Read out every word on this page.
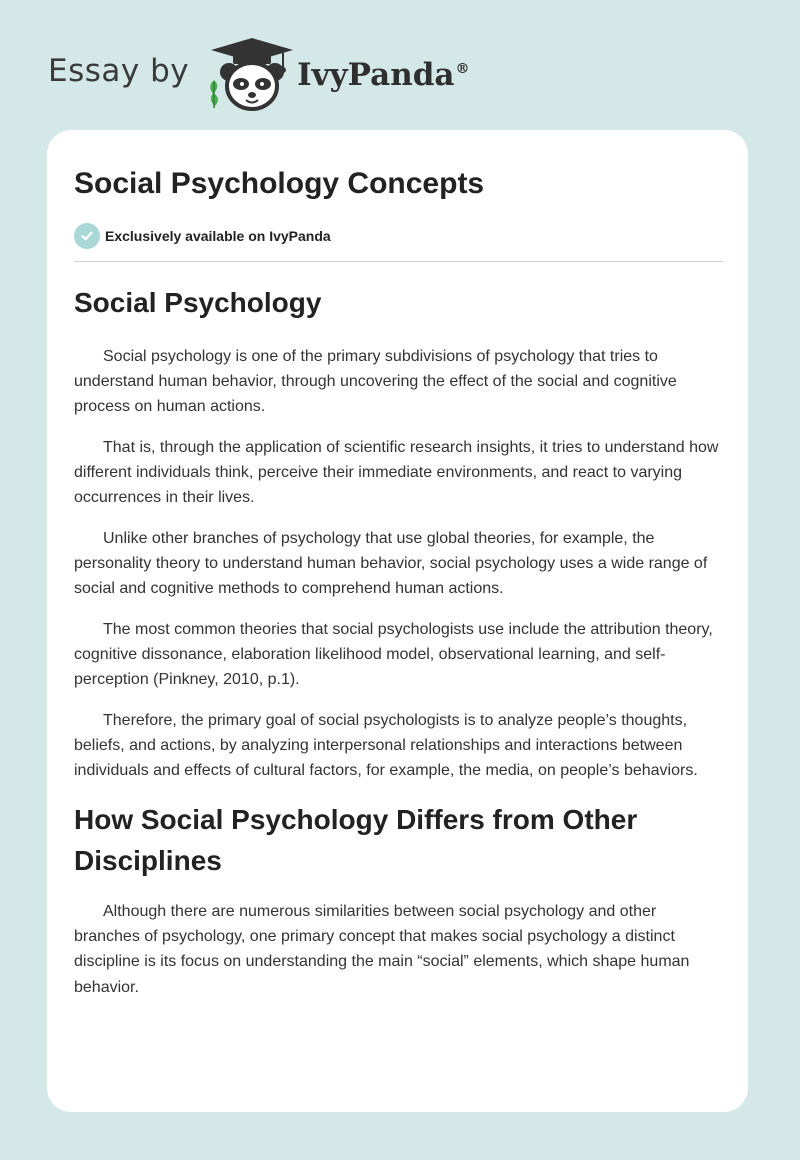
Essay by	IvyPanda®
Social Psychology Concepts
Exclusively available on IvyPanda
Social Psychology

Social psychology is one of the primary subdivisions of psychology that tries to understand human behavior, through uncovering the effect of the social and cognitive process on human actions.

That is, through the application of scientific research insights, it tries to understand how different individuals think, perceive their immediate environments, and react to varying occurrences in their lives.

Unlike other branches of psychology that use global theories, for example, the personality theory to understand human behavior, social psychology uses a wide range of social and cognitive methods to comprehend human actions.

The most common theories that social psychologists use include the attribution theory, cognitive dissonance, elaboration likelihood model, observational learning, and self-perception (Pinkney, 2010, p.1).

Therefore, the primary goal of social psychologists is to analyze people’s thoughts, beliefs, and actions, by analyzing interpersonal relationships and interactions between individuals and effects of cultural factors, for example, the media, on people’s behaviors.

How Social Psychology Differs from Other Disciplines

Although there are numerous similarities between social psychology and other branches of psychology, one primary concept that makes social psychology a distinct discipline is its focus on understanding the main “social” elements, which shape human behavior.
